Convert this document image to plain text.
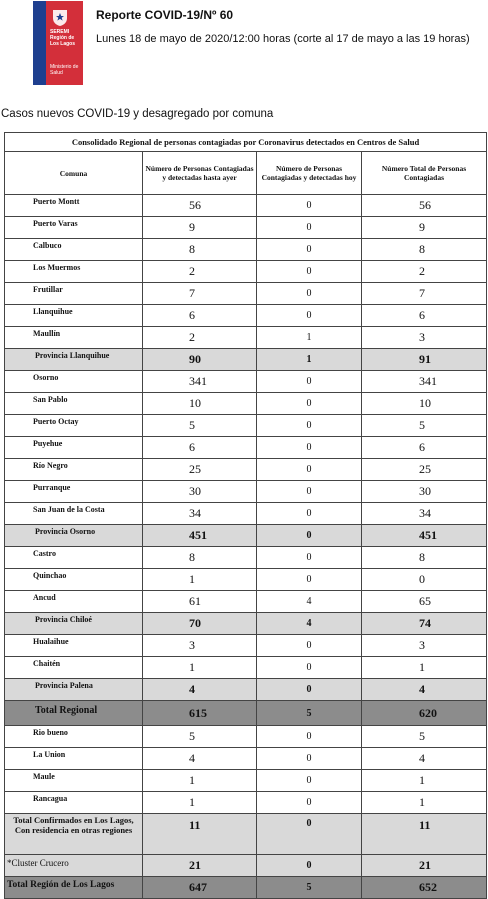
SEREMI
Región de Los Lagos
Ministerio de
Salud
Reporte COVID-19/Nº 60
Lunes 18 de mayo de 2020/12:00 horas (corte al 17 de mayo a las 19 horas)
Casos nuevos COVID-19 y desagregado por comuna
Consolidado Regional de personas contagiadas por Coronavirus detectados en Centros de Salud			
Comuna	Número de Personas Contagiadas y detectadas hasta ayer	Número de Personas Contagiadas y detectadas hoy	Número Total de Personas Contagiadas
Puerto Montt	56	0	56
Puerto Varas	9	0	9
Calbuco	8	0	8
Los Muermos	2	0	2
Frutillar	7	0	7
Llanquihue	6	0	6
Maullín	2	1	3
Provincia Llanquihue	90	1	91
Osorno	341	0	341
San Pablo	10	0	10
Puerto Octay	5	0	5
Puyehue	6	0	6
Río Negro	25	0	25
Purranque	30	0	30
San Juan de la Costa	34	0	34
Provincia Osorno	451	0	451
Castro	8	0	8
Quinchao	1	0	0
Ancud	61	4	65
Provincia Chiloé	70	4	74
Hualaihue	3	0	3
Chaitén	1	0	1
Provincia Palena	4	0	4
Total Regional	615	5	620
Rio bueno	5	0	5
La Union	4	0	4
Maule	1	0	1
Rancagua	1	0	1
Total Confirmados en Los Lagos, Con residencia en otras regiones	11	0	11
*Cluster Crucero	21	0	21
Total Región de Los Lagos	647	5	652
